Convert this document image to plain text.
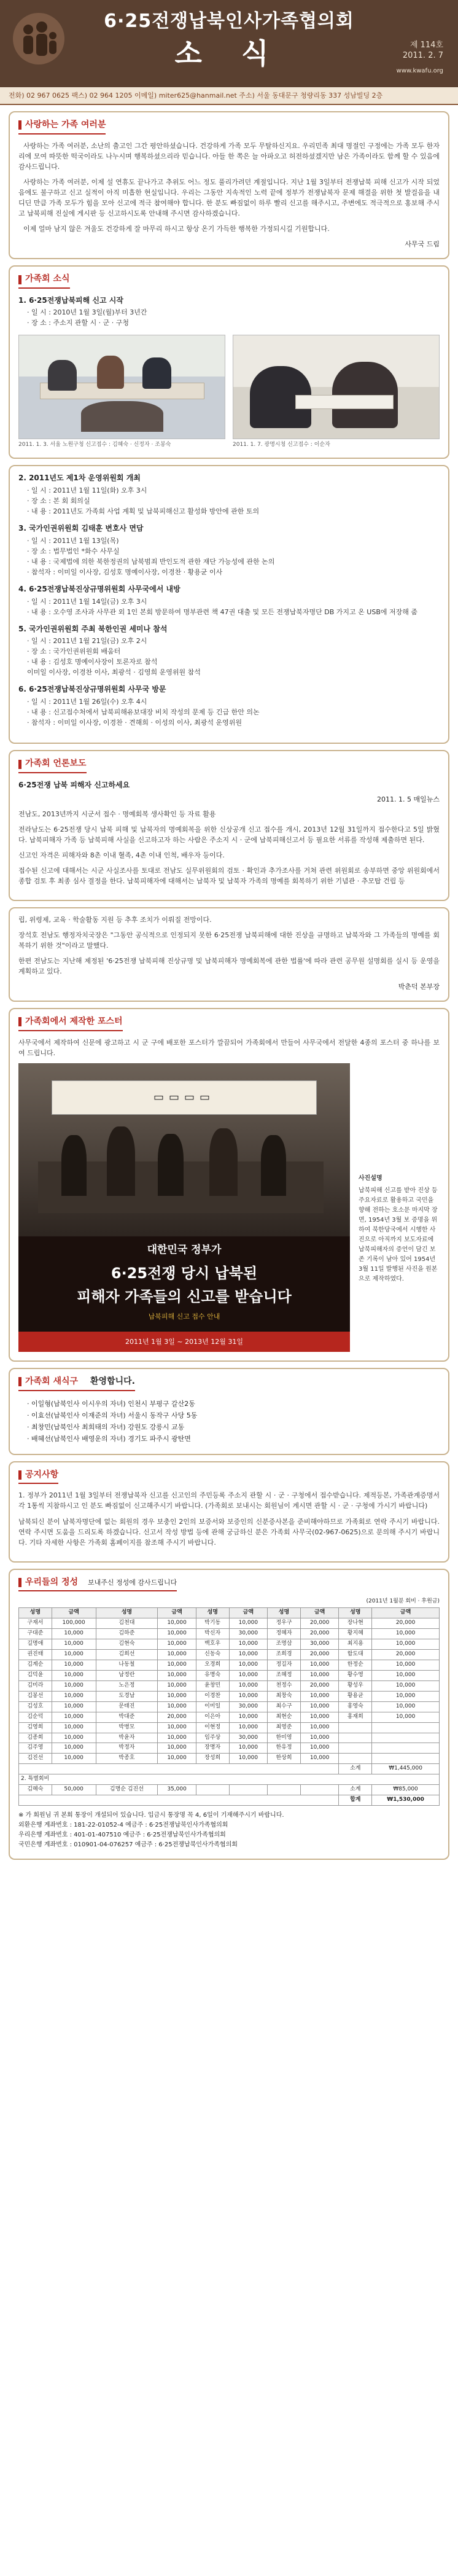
6·25전쟁납북인사가족협의회
소 식	제 114호
2011. 2. 7
www.kwafu.org
전화) 02 967 0625 팩스) 02 964 1205 이메일) miter625@hanmail.net 주소) 서울 동대문구 청량리동 337 성남빌딩 2층
사랑하는 가족 여러분

사랑하는 가족 여러분, 소난의 출고인 그간 평안하셨습니다. 건강하게 가족 모두 무탈하신지요. 우리민족 최대 명절인 구정에는 가족 모두 한자리에 모여 따뜻한 떡국이라도 나누시며 행복하셨으리라 믿습니다. 아들 한 쪽은 늘 아파오고 허전하셨겠지만 남은 가족이라도 함께 할 수 있음에 감사드립니다.

사랑하는 가족 여러분, 이제 설 연휴도 끝나가고 추위도 어느 정도 풀리가려던 계절입니다. 지난 1월 3일부터 전쟁납북 피해 신고가 시작 되었음에도 불구하고 신고 실적이 아직 미흡한 현실입니다. 우리는 그동안 지속적인 노력 끝에 정부가 전쟁납북자 문제 해결을 위한 첫 발걸음을 내디딘 만큼 가족 모두가 힘을 모아 신고에 적극 참여해야 합니다. 한 분도 빠짐없이 하루 빨리 신고를 해주시고, 주변에도 적극적으로 홍보해 주시고 납북피해 진실에 게시판 등 신고하시도록 안내해 주시면 감사하겠습니다.

이제 얼마 남지 않은 겨울도 건강하게 잘 마무리 하시고 항상 온기 가득한 행복한 가정되시길 기원합니다.

사무국 드림
가족회 소식
1. 6·25전쟁납북피해 신고 시작
· 일 시 : 2010년 1월 3일(월)부터 3년간
· 장 소 : 주소지 관할 시 · 군 · 구청
2011. 1. 3. 서울 노원구청 신고접수 : 김혜숙 · 신정자 · 조봉숙	2011. 1. 7. 광명시청 신고접수 : 이순자
2. 2011년도 제1차 운영위원회 개최
· 일 시 : 2011년 1월 11일(화) 오후 3시
· 장 소 : 본 회 회의실
· 내 용 : 2011년도 가족회 사업 계획 및 납북피해신고 활성화 방안에 관한 토의
3. 국가인권위원회 김태훈 변호사 면담
· 일 시 : 2011년 1월 13일(목)
· 장 소 : 법무법인 *화수 사무실
· 내 용 : 국제법에 의한 북한정권의 납북범죄 반인도적 관한 재단 가능성에 관한 논의
· 참석자 : 이미일 이사장, 김성호 명예이사장, 이경찬 · 황용균 이사
4. 6·25전쟁납북진상규명위원회 사무국에서 내방
· 일 시 : 2011년 1월 14일(금) 오후 3시
· 내 용 : 오수영 조사과 사무관 외 1인 본회 방문하여 명부관련 책 47권 대출 및 모든 전쟁납북자명단 DB 가지고 온 USB에 저장해 줌
5. 국가인권위원회 주최 북한인권 세미나 참석
· 일 시 : 2011년 1월 21일(금) 오후 2시
· 장 소 : 국가인권위원회 배움터
· 내 용 : 김성호 명예이사장이 토론자로 참석
이미일 이사장, 이경찬 이사, 최광석 · 김영희 운영위원 참석
6. 6·25전쟁납북진상규명위원회 사무국 방문
· 일 시 : 2011년 1월 26일(수) 오후 4시
· 내 용 : 신고접수처에서 납북피해유보대장 비치 작성의 문제 등 긴급 한안 의논
· 참석자 : 이미일 이사장, 이경찬 · 견해희 · 이성의 이사, 최광석 운영위원
가족회 언론보도
6·25전쟁 납북 피해자 신고하세요
2011. 1. 5 매일뉴스

전남도, 2013년까지 시군서 접수 · 명예회복 생사확인 등 자료 활용

전라남도는 6·25전쟁 당시 납북 피해 및 납북자의 명예회복을 위한 신상공개 신고 접수를 개시, 2013년 12월 31일까지 접수한다고 5일 밝혔다. 납북피해자 가족 등 납북피해 사실을 신고하고자 하는 사람은 주소지 시 · 군에 납북피해신고서 등 필요한 서류를 작성해 제출하면 된다.

신고인 자격은 피해자와 8촌 이내 혈족, 4촌 이내 인척, 배우자 등이다.

접수된 신고에 대해서는 시군 사실조사를 토대로 전남도 실무위원회의 검토 · 확인과 추가조사를 거쳐 관련 위원회로 송부하면 중앙 위원회에서 종합 검토 후 최종 심사 결정을 한다. 납북피해자에 대해서는 납북자 및 납북자 가족의 명예를 회복하기 위한 기념관 · 추모탑 건립 등

립, 위령제, 교육 · 학술활동 지원 등 추후 조치가 이뤄질 전망이다.

장석호 전남도 행정자치국장은 "그동안 공식적으로 인정되지 못한 6·25전쟁 납북피해에 대한 진상을 규명하고 납북자와 그 가족들의 명예를 회복하기 위한 것"이라고 말했다.

한편 전남도는 지난해 제정된 '6·25전쟁 납북피해 진상규명 및 납북피해자 명예회복에 관한 법률'에 따라 관련 공무원 설명회를 실시 등 운영을 계획하고 있다.

박춘덕 본부장
가족회에서 제작한 포스터

사무국에서 제작하여 신문에 광고하고 시 군 구에 배포한 포스터가 깔끔되어 가족회에서 만들어 사무국에서 전달한 4종의 포스터 중 하나를 보여 드립니다.

▭▭▭▭
대한민국 정부가
6·25전쟁 당시 납북된
피해자 가족들의 신고를 받습니다
납북피해 신고 접수 안내
2011년 1월 3일 ~ 2013년 12월 31일
사진설명
납북피해 신고를 받아 진상 등 주요자료로 활용하고 국민을 향해 전하는 호소문 마지막 장면, 1954년 3월 보 증명을 위하여 북한당국에서 시행한 사진으로 아직까지 보도자료에 납북피해자의 증언이 담긴 보존 기록이 남아 있어 1954년 3월 11일 발행된 사진을 원본으로 제작하였다.
가족회 새식구 환영합니다.
· 이일형(납북인사 이시우의 자녀) 인천시 부평구 갈산2동
· 이효선(납북인사 이재준의 자녀) 서울시 동작구 사당 5동
· 최창민(납북인사 최희태의 자녀) 강원도 강릉시 교동
· 배혜선(납북인사 배영운의 자녀) 경기도 파주시 광탄면
공지사항

1. 정부가 2011년 1월 3일부터 전쟁납북자 신고를 신고인의 주민등록 주소지 관할 시 · 군 · 구청에서 접수받습니다. 제적등본, 가족관계증명서 각 1통씩 지참하시고 인 분도 빠짐없이 신고해주시기 바랍니다. (가족회로 보내시는 회원님이 계시면 관할 시 · 군 · 구청에 가시기 바랍니다)

납북되신 분이 납북자명단에 없는 회원의 경우 보충인 2인의 보증서와 보증인의 신분증사본을 준비해야하므로 가족회로 연락 주시기 바랍니다. 연락 주시면 도움을 드리도록 하겠습니다. 신고서 작성 방법 등에 관해 궁금하신 분은 가족회 사무국(02-967-0625)으로 문의해 주시기 바랍니다. 기타 자세한 사항은 가족회 홈페이지를 참조해 주시기 바랍니다.

우리들의 정성 보내주신 정성에 감사드립니다
(2011년 1월분 회비 · 후원금)
성명	금액	성명	금액	성명	금액	성명	금액	성명	금액
구재서	100,000	김천대	10,000	박기동	10,000	정우구	20,000	장나현	20,000
구대준	10,000	김하준	10,000	박신자	30,000	정혜자	20,000	황지혜	10,000
길명애	10,000	김현숙	10,000	백호우	10,000	조명삼	30,000	최지용	10,000
권진태	10,000	김희선	10,000	신동숙	10,000	조희경	20,000	함도대	20,000
김계순	10,000	나동철	10,000	오경희	10,000	정길자	10,000	한정순	10,000
김덕윤	10,000	남정란	10,000	유명숙	10,000	조혜정	10,000	황수영	10,000
김미라	10,000	노은정	10,000	윤창민	10,000	천정수	20,000	황성우	10,000
김봉선	10,000	도경남	10,000	이경찬	10,000	최창숙	10,000	황용균	10,000
김성호	10,000	문태진	10,000	이미일	30,000	최수구	10,000	홍영숙	10,000
김순덕	10,000	박대준	20,000	이은아	10,000	최현순	10,000	홍재희	10,000
김영희	10,000	박병모	10,000	이현정	10,000	최영준	10,000		
김종희	10,000	박윤자	10,000	임주상	30,000	한미영	10,000		
김주영	10,000	박정자	10,000	장명자	10,000	한유정	10,000		
김진선	10,000	박종호	10,000	장성희	10,000	한상희	10,000		
								소계	₩1,445,000
2. 특별회비									
김혜숙	50,000	김명순 김진선	35,000					소계	₩85,000
								합계	₩1,530,000
※ 가 회원님 귀 본회 통장이 개설되어 있습니다. 입금시 통장명 꼭 4, 6일이 기재해주시기 바랍니다.
외환은행 계좌번호 : 181-22-01052-4 예금주 : 6·25전쟁납북인사가족협의회
우리은행 계좌번호 : 401-01-407510 예금주 : 6·25전쟁납북인사가족협의회
국민은행 계좌번호 : 010901-04-076257 예금주 : 6·25전쟁납북인사가족협의회
